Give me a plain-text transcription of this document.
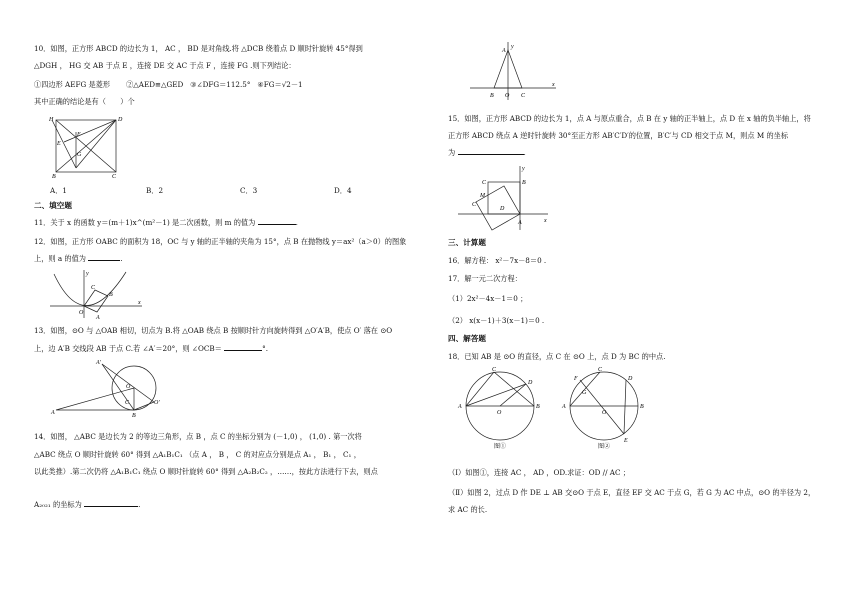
10．如图，正方形 ABCD 的边长为 1， AC ， BD 是对角线.将 △DCB 绕着点 D 顺时针旋转 45°得到
△DGH ， HG 交 AB 于点 E ，连接 DE 交 AC 于点 F ，连接 FG .则下列结论：
①四边形 AEFG 是菱形 ②△AED≌△GED ③∠DFG＝112.5° ④FG＝√2－1
其中正确的结论是有（　　）个
H	D
E
F
G
B	C
A．1	B．2	C．3	D．4
二、填空题
11．关于 x 的函数 y＝(m＋1)x^(m²－1) 是二次函数，则 m 的值为	.
12．如图，正方形 OABC 的面积为 18，OC 与 y 轴的正半轴的夹角为 15°，点 B 在抛物线 y＝ax²（a＞0）的图象
上，则 a 的值为	.
x
y
O
A
B
C
13．如图，⊙O 与 △OAB 相切，切点为 B.将 △OAB 绕点 B 按顺时针方向旋转得到 △O′A′B，使点 O′ 落在 ⊙O
上，边 A′B 交线段 AB 于点 C.若 ∠A′＝20°，则 ∠OCB＝	°.
A
A′
O
C
B
O′
14．如图， △ABC 是边长为 2 的等边三角形，点 B ，点 C 的坐标分别为 (－1,0) ， (1,0) . 第一次将
△ABC 绕点 O 顺时针旋转 60° 得到 △A₁B₁C₁ （点 A ， B ， C 的对应点分别是点 A₁ ， B₁ ， C₁ ，
以此类推）.第二次仍将 △A₁B₁C₁ 绕点 O 顺时针旋转 60° 得到 △A₂B₂C₂ ，……，按此方法进行下去，则点
A₂₀₂₁ 的坐标为	.
x
y
A
B O C
15．如图，正方形 ABCD 的边长为 1，点 A 与原点重合，点 B 在 y 轴的正半轴上，点 D 在 x 轴的负半轴上，将
正方形 ABCD 绕点 A 逆时针旋转 30°至正方形 AB′C′D′的位置，B′C′与 CD 相交于点 M，则点 M 的坐标
为	.
x
y
B
C
M
C
D
A
三、计算题
16．解方程： x²－7x－8＝0 .
17．解一元二次方程：
（1）2x²－4x－1＝0 ；
（2） x(x－1)＋3(x－1)＝0 .
四、解答题
18．已知 AB 是 ⊙O 的直径，点 C 在 ⊙O 上，点 D 为 BC 的中点.
A	B
C
D
O
图①
A	B
C
D
F
G
O
E
图②
（Ⅰ）如图①，连接 AC ， AD ，OD.求证：OD // AC ；
（Ⅱ）如图 2，过点 D 作 DE ⊥ AB 交⊙O 于点 E，直径 EF 交 AC 于点 G，若 G 为 AC 中点，⊙O 的半径为 2，
求 AC 的长.
